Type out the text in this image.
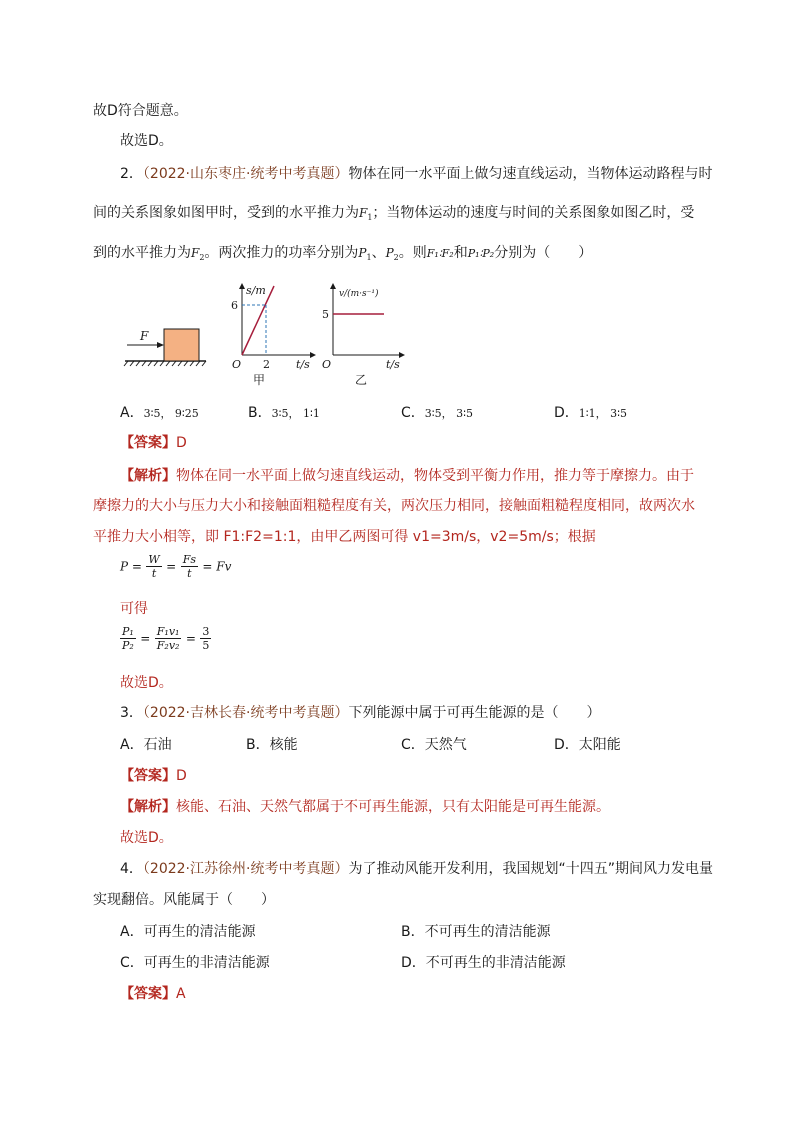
故D符合题意。
故选D。
2．（2022·山东枣庄·统考中考真题）物体在同一水平面上做匀速直线运动，当物体运动路程与时
间的关系图象如图甲时，受到的水平推力为$F_1$；当物体运动的速度与时间的关系图象如图乙时，受
到的水平推力为$F_2$。两次推力的功率分别为$P_1$、$P_2$。则F₁∶F₂和P₁∶P₂分别为（　　）
F
s/m
6
O 2 t/s
甲
v/(m·s⁻¹)
5
O	t/s
乙
A．3∶5， 9∶25	B．3∶5， 1∶1	C．3∶5， 3∶5	D．1∶1， 3∶5
【答案】D
【解析】物体在同一水平面上做匀速直线运动，物体受到平衡力作用，推力等于摩擦力。由于
摩擦力的大小与压力大小和接触面粗糙程度有关，两次压力相同，接触面粗糙程度相同，故两次水
平推力大小相等，即 F1:F2=1:1，由甲乙两图可得 v1=3m/s，v2=5m/s；根据
$P = \frac{W}{t} = \frac{Fs}{t} = Fv$
可得
$\frac{\text{P₁}}{\text{P₂}} = \frac{\text{F₁v₁}}{\text{F₂v₂}} = \frac{3}{5}$
故选D。
3．（2022·吉林长春·统考中考真题）下列能源中属于可再生能源的是（　　）
A．石油	B．核能	C．天然气	D．太阳能
【答案】D
【解析】核能、石油、天然气都属于不可再生能源，只有太阳能是可再生能源。
故选D。
4．（2022·江苏徐州·统考中考真题）为了推动风能开发利用，我国规划“十四五”期间风力发电量
实现翻倍。风能属于（　　）
A．可再生的清洁能源	B．不可再生的清洁能源
C．可再生的非清洁能源	D．不可再生的非清洁能源
【答案】A
